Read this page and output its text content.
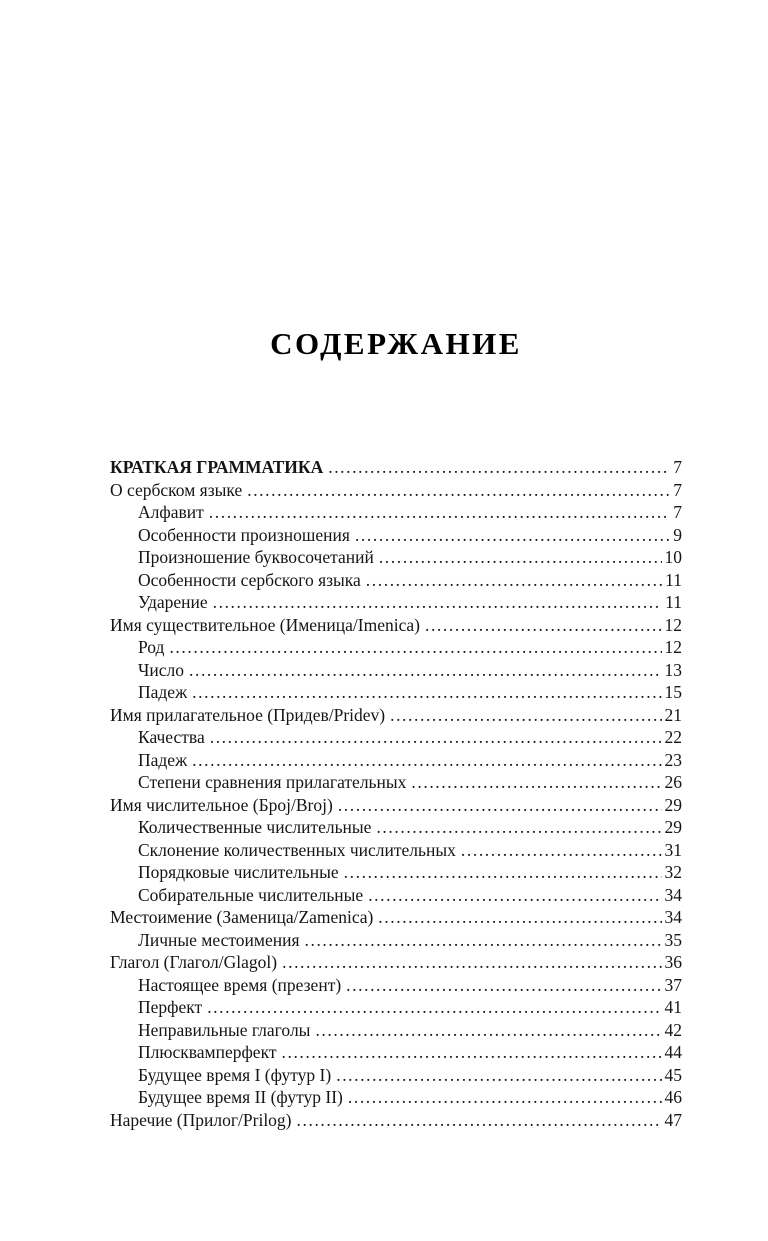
СОДЕРЖАНИЕ
КРАТКАЯ ГРАММАТИКА .....	7
О сербском языке .....	7
Алфавит .....	7
Особенности произношения .....	9
Произношение буквосочетаний .....	10
Особенности сербского языка .....	11
Ударение .....	11
Имя существительное (Именица/Imenica) .....	12
Род .....	12
Число .....	13
Падеж .....	15
Имя прилагательное (Придев/Pridev) .....	21
Качества .....	22
Падеж .....	23
Степени сравнения прилагательных .....	26
Имя числительное (Број/Broj) .....	29
Количественные числительные .....	29
Склонение количественных числительных .....	31
Порядковые числительные .....	32
Собирательные числительные .....	34
Местоимение (Заменица/Zamenica) .....	34
Личные местоимения .....	35
Глагол (Глагол/Glagol) .....	36
Настоящее время (презент) .....	37
Перфект .....	41
Неправильные глаголы .....	42
Плюсквамперфект .....	44
Будущее время I (футур I) .....	45
Будущее время II (футур II) .....	46
Наречие (Прилог/Prilog) .....	47
